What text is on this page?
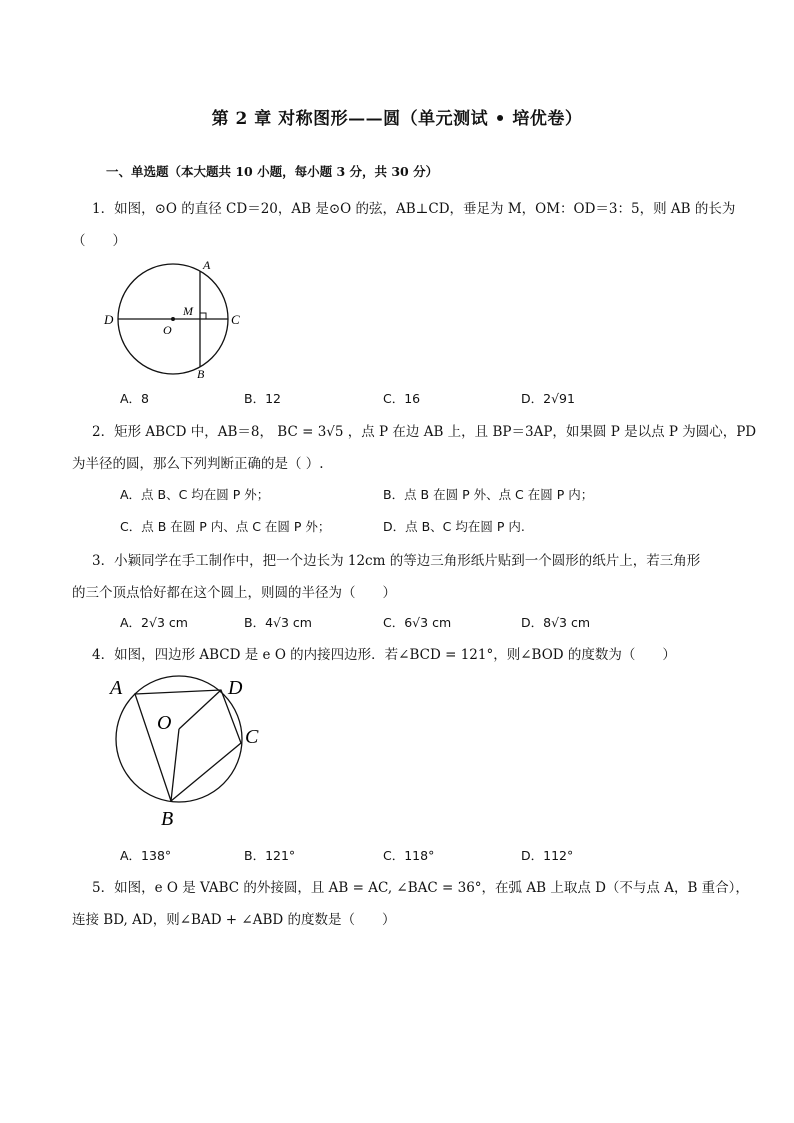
第 2 章 对称图形——圆（单元测试 • 培优卷）
一、单选题（本大题共 10 小题，每小题 3 分，共 30 分）
1．如图，⊙O 的直径 CD＝20，AB 是⊙O 的弦，AB⊥CD，垂足为 M，OM：OD＝3：5，则 AB 的长为
（　　）
A
B
C
D
M
O
A．8	B．12	C．16	D．2√91
2．矩形 ABCD 中，AB＝8， BC = 3√5 ，点 P 在边 AB 上，且 BP＝3AP，如果圆 P 是以点 P 为圆心，PD
为半径的圆，那么下列判断正确的是（ ）.
A．点 B、C 均在圆 P 外；	B．点 B 在圆 P 外、点 C 在圆 P 内；
C．点 B 在圆 P 内、点 C 在圆 P 外；	D．点 B、C 均在圆 P 内.
3．小颖同学在手工制作中，把一个边长为 12cm 的等边三角形纸片贴到一个圆形的纸片上，若三角形
的三个顶点恰好都在这个圆上，则圆的半径为（　　）
A．2√3 cm	B．4√3 cm	C．6√3 cm	D．8√3 cm
4．如图，四边形 ABCD 是 e O 的内接四边形．若∠BCD = 121°，则∠BOD 的度数为（　　）
A
B
C
D
O
A．138°	B．121°	C．118°	D．112°
5．如图，e O 是 VABC 的外接圆，且 AB = AC, ∠BAC = 36°，在弧 AB 上取点 D（不与点 A，B 重合），
连接 BD, AD，则∠BAD + ∠ABD 的度数是（　　）
